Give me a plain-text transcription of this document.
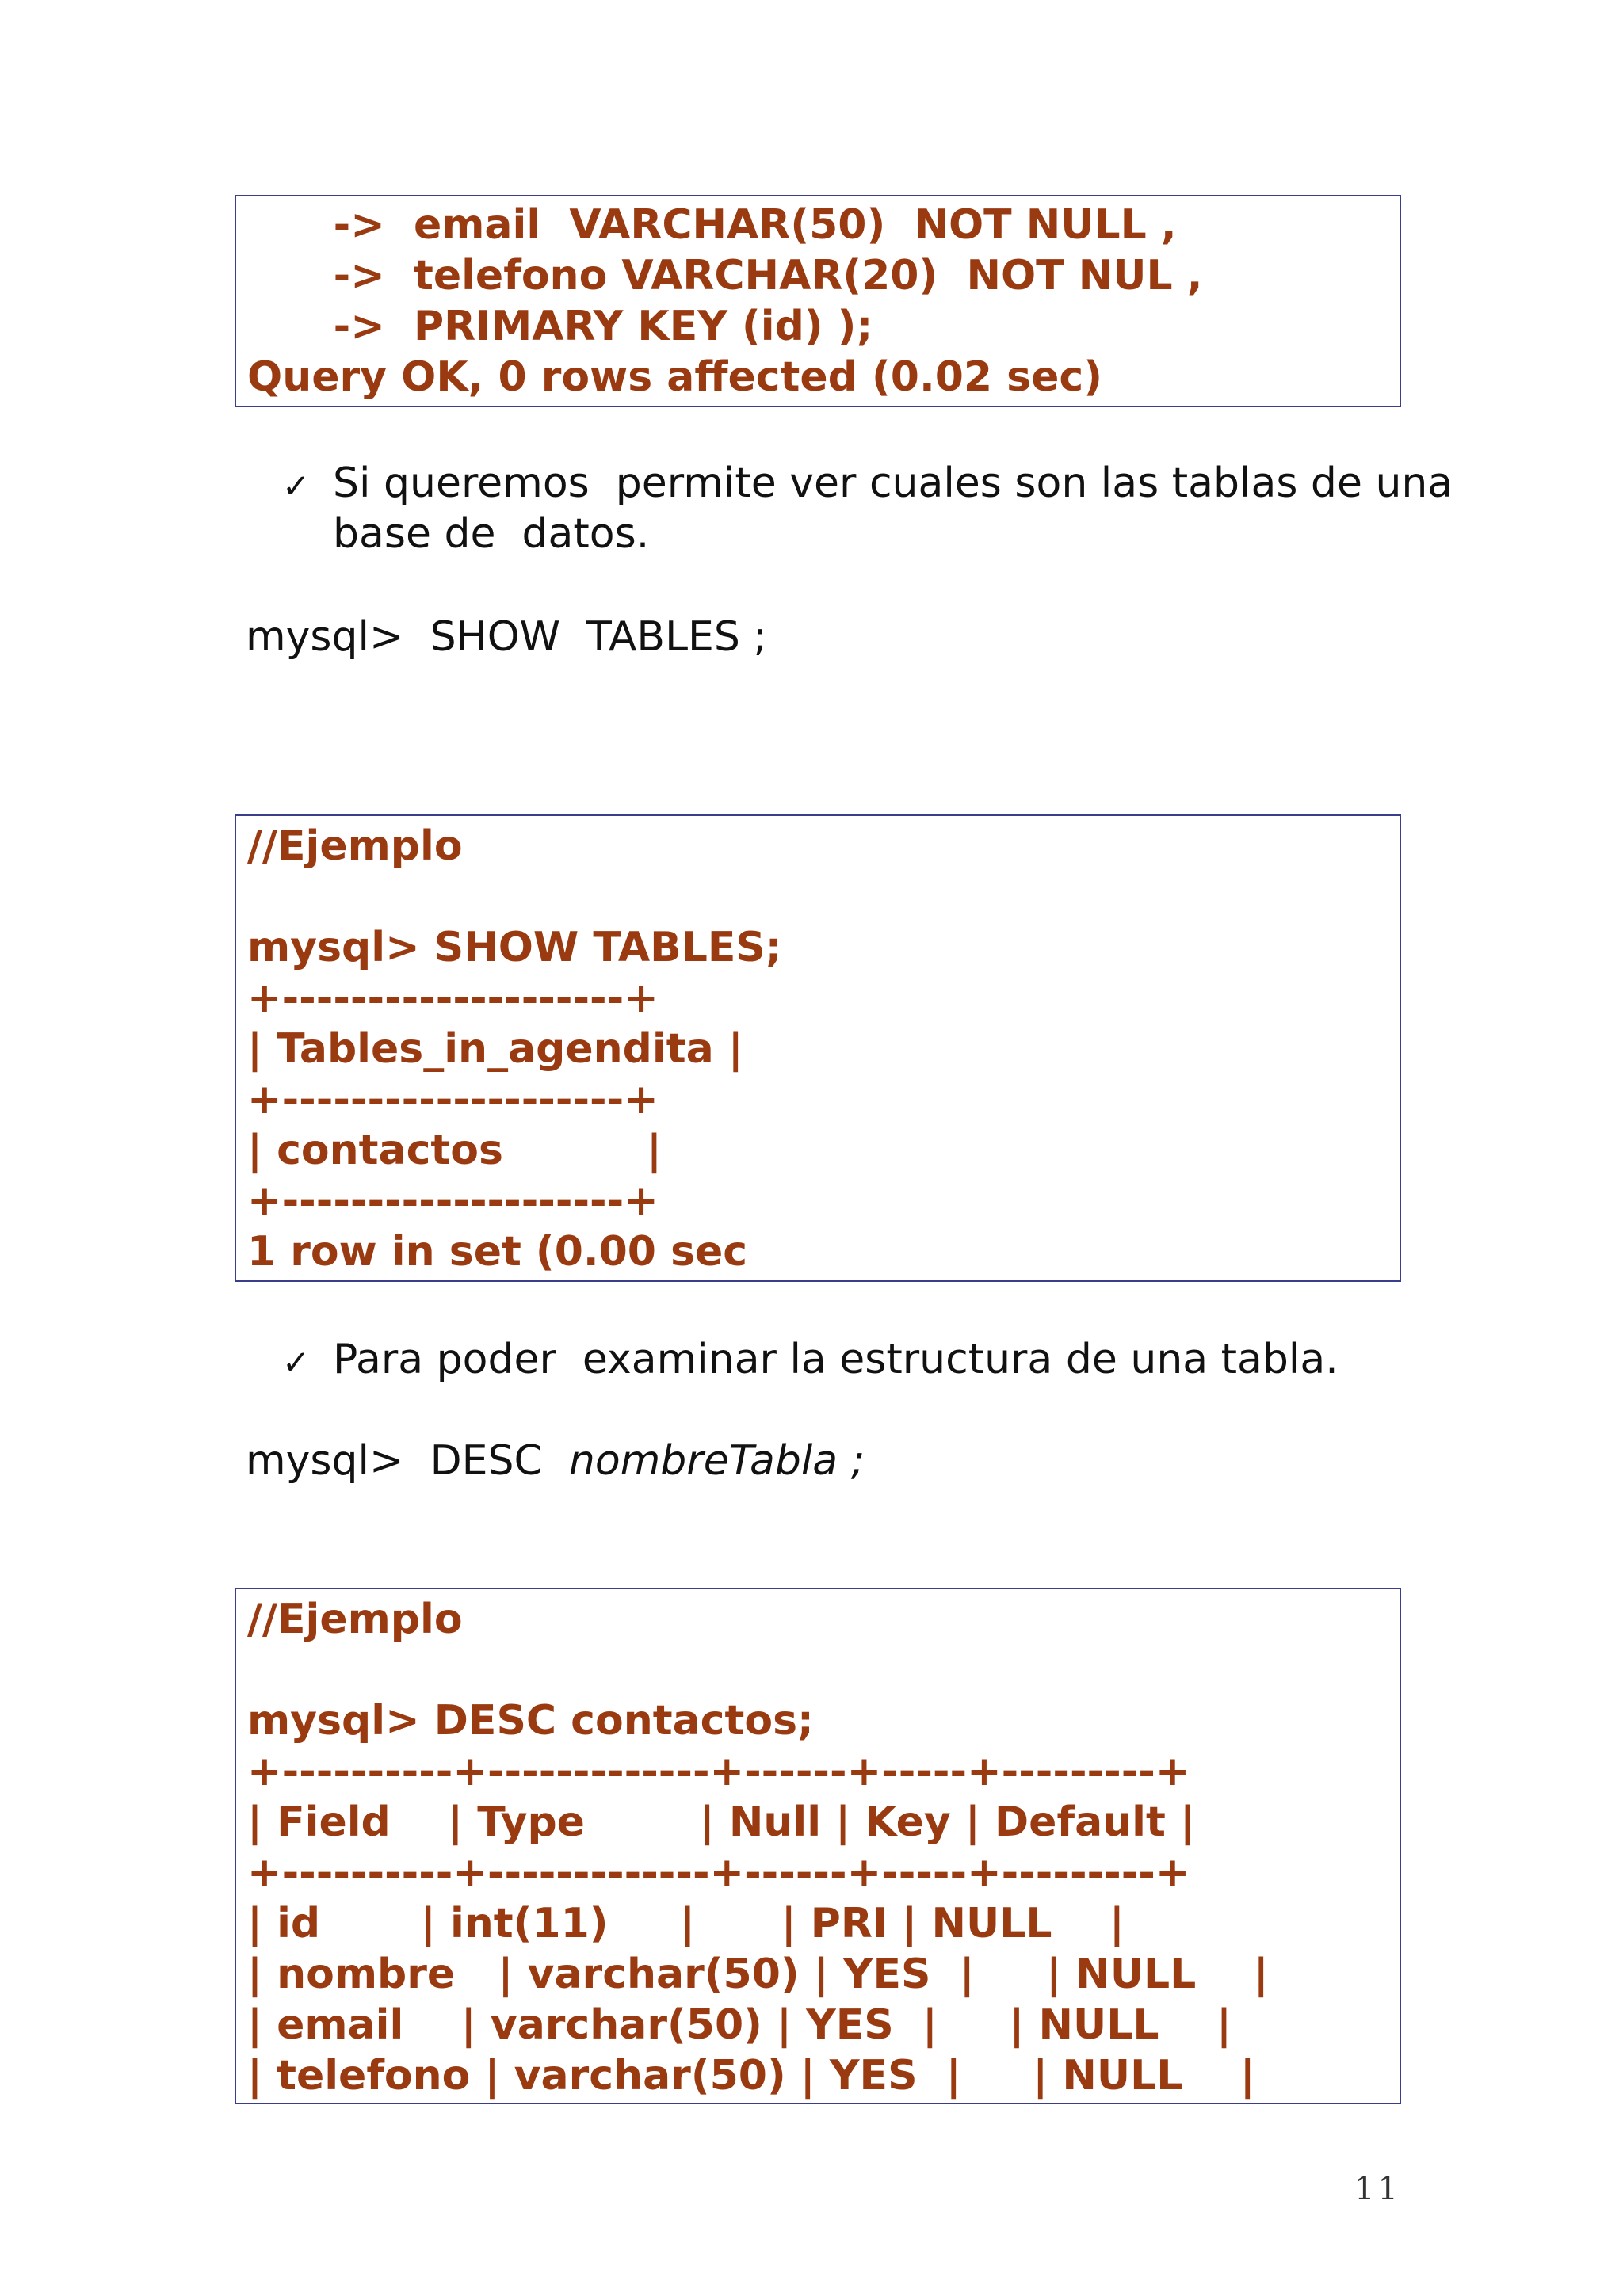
->  email  VARCHAR(50)  NOT NULL ,
->  telefono VARCHAR(20)  NOT NUL ,
->  PRIMARY KEY (id) );
Query OK, 0 rows affected (0.02 sec)
✓ Si queremos  permite ver cuales son las tablas de una
base de  datos.
mysql>  SHOW  TABLES ;
//Ejemplo
mysql> SHOW TABLES;
+--------------------+
| Tables_in_agendita |
+--------------------+
| contactos          |
+--------------------+
1 row in set (0.00 sec
✓ Para poder  examinar la estructura de una tabla.
mysql>  DESC  nombreTabla ;
//Ejemplo
mysql> DESC contactos;
+----------+-------------+------+-----+---------+
| Field    | Type        | Null | Key | Default |
+----------+-------------+------+-----+---------+
| id       | int(11)     |      | PRI | NULL    |
| nombre   | varchar(50) | YES  |     | NULL    |
| email    | varchar(50) | YES  |     | NULL    |
| telefono | varchar(50) | YES  |     | NULL    |
11
